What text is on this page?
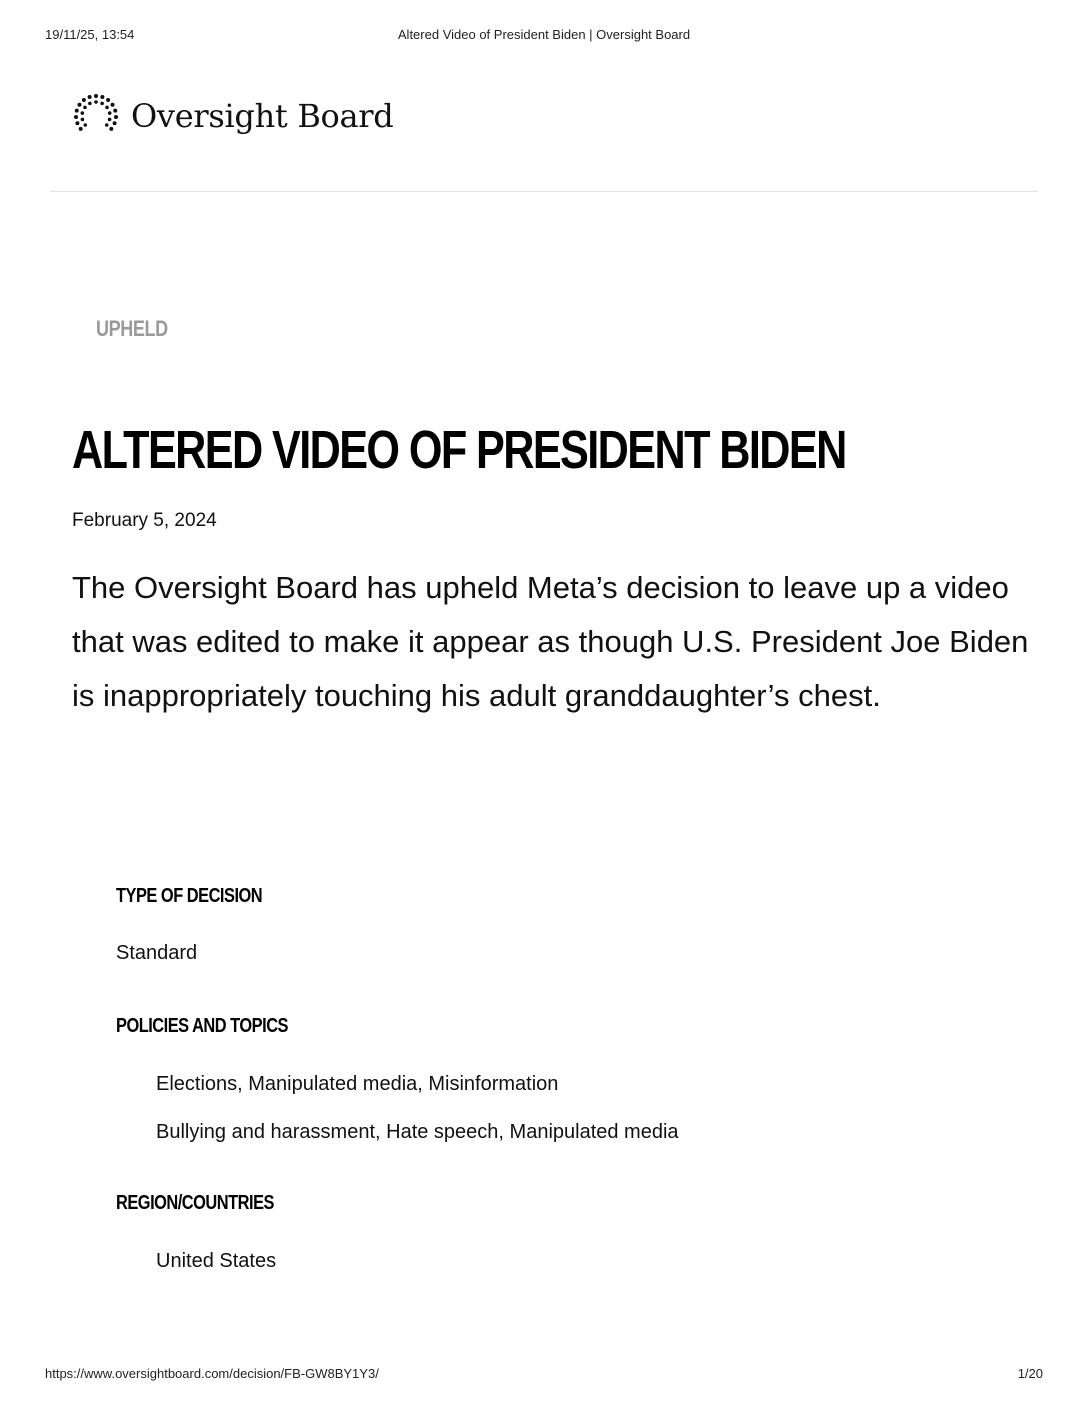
19/11/25, 13:54	Altered Video of President Biden | Oversight Board
Oversight Board
UPHELD
ALTERED VIDEO OF PRESIDENT BIDEN
February 5, 2024

The Oversight Board has upheld Meta’s decision to leave up a video that was edited to make it appear as though U.S. President Joe Biden is inappropriately touching his adult granddaughter’s chest.

TYPE OF DECISION
Standard
POLICIES AND TOPICS
Elections, Manipulated media, Misinformation
Bullying and harassment, Hate speech, Manipulated media
REGION/COUNTRIES
United States
https://www.oversightboard.com/decision/FB-GW8BY1Y3/	1/20
